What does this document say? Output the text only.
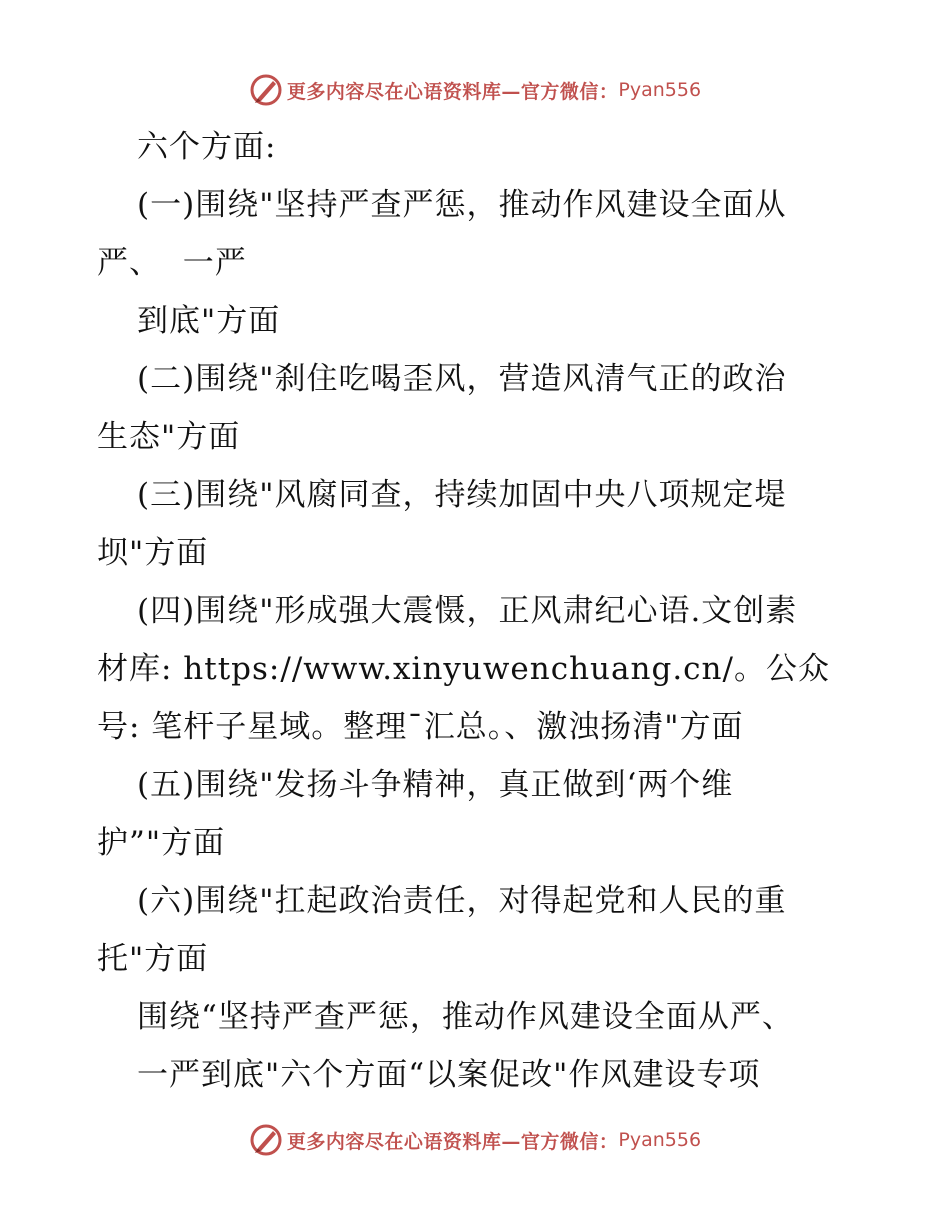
更多内容尽在心语资料库—官方微信： Pyan556
六个方面:
(一)围绕"坚持严查严惩，推动作风建设全面从
严、  一严
到底"方面
(二)围绕"刹住吃喝歪风，营造风清气正的政治
生态"方面
(三)围绕"风腐同查，持续加固中央八项规定堤
坝"方面
(四)围绕"形成强大震慑，正风肃纪心语.文创素
材库: https://www.xinyuwenchuang.cn/。公众
号: 笔杆子星域。整理¯汇总。、激浊扬清"方面
(五)围绕"发扬斗争精神，真正做到‘两个维
护”"方面
(六)围绕"扛起政治责任，对得起党和人民的重
托"方面
围绕“坚持严查严惩，推动作风建设全面从严、
一严到底"六个方面“以案促改"作风建设专项
更多内容尽在心语资料库—官方微信： Pyan556
